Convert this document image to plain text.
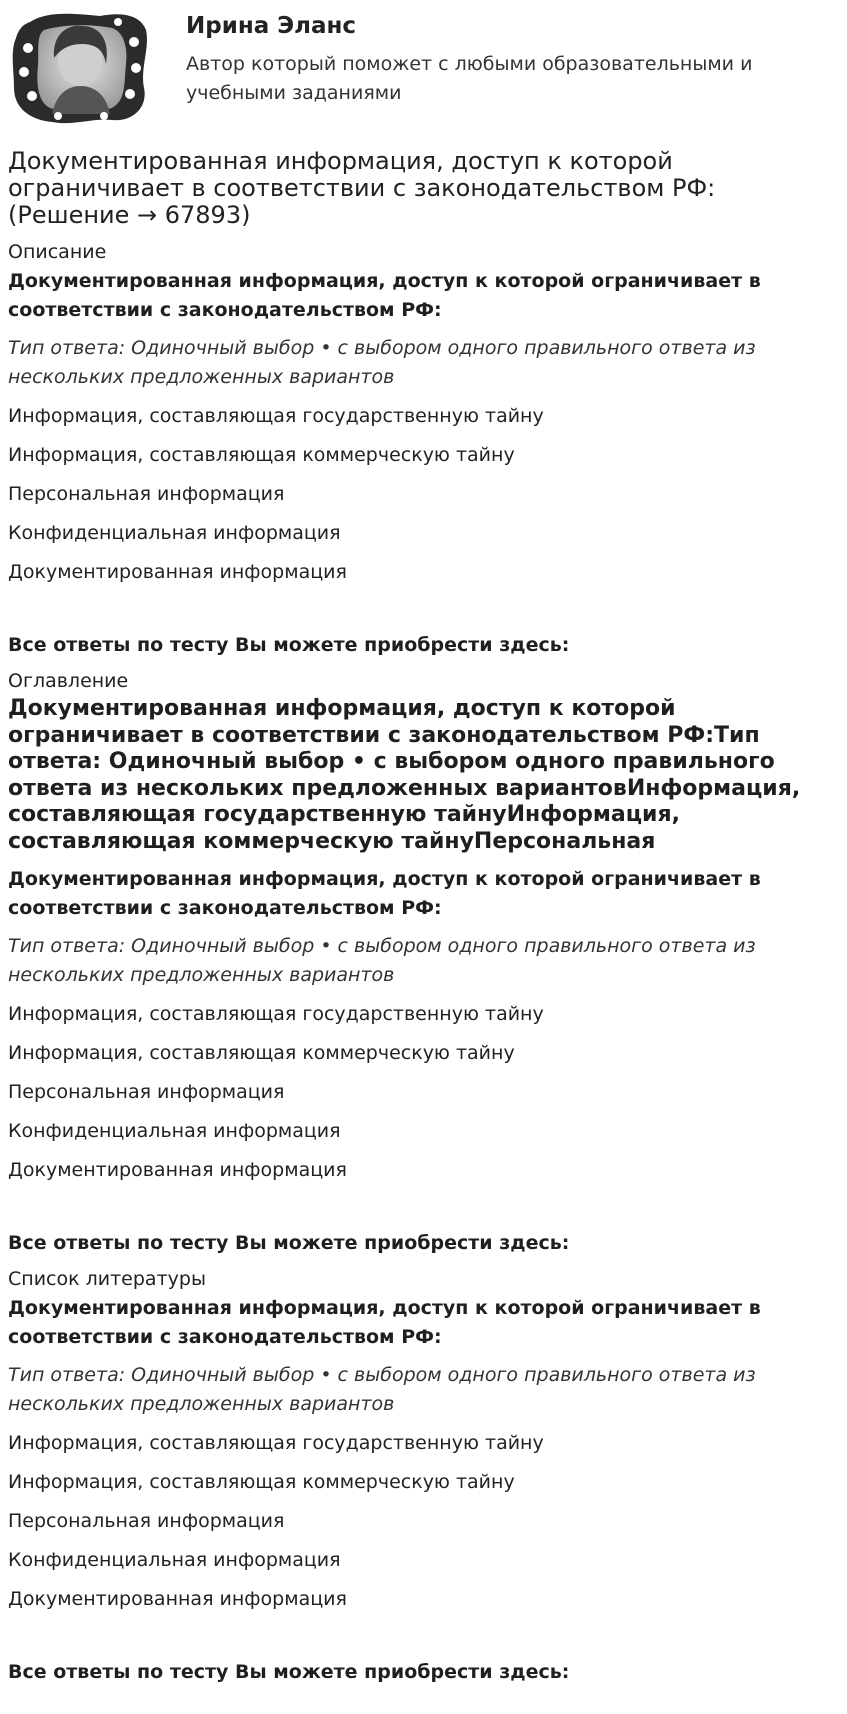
Ирина Эланс
Автор который поможет с любыми образовательными и учебными заданиями
Документированная информация, доступ к которой ограничивает в соответствии с законодательством РФ: (Решение → 67893)
Описание
Документированная информация, доступ к которой ограничивает в соответствии с законодательством РФ:
Тип ответа: Одиночный выбор • с выбором одного правильного ответа из нескольких предложенных вариантов
Информация, составляющая государственную тайну
Информация, составляющая коммерческую тайну
Персональная информация
Конфиденциальная информация
Документированная информация
Все ответы по тесту Вы можете приобрести здесь:
Оглавление
Документированная информация, доступ к которой ограничивает в соответствии с законодательством РФ:Тип ответа: Одиночный выбор • с выбором одного правильного ответа из нескольких предложенных вариантовИнформация, составляющая государственную тайнуИнформация, составляющая коммерческую тайнуПерсональная
Документированная информация, доступ к которой ограничивает в соответствии с законодательством РФ:
Тип ответа: Одиночный выбор • с выбором одного правильного ответа из нескольких предложенных вариантов
Информация, составляющая государственную тайну
Информация, составляющая коммерческую тайну
Персональная информация
Конфиденциальная информация
Документированная информация
Все ответы по тесту Вы можете приобрести здесь:
Список литературы
Документированная информация, доступ к которой ограничивает в соответствии с законодательством РФ:
Тип ответа: Одиночный выбор • с выбором одного правильного ответа из нескольких предложенных вариантов
Информация, составляющая государственную тайну
Информация, составляющая коммерческую тайну
Персональная информация
Конфиденциальная информация
Документированная информация
Все ответы по тесту Вы можете приобрести здесь:
